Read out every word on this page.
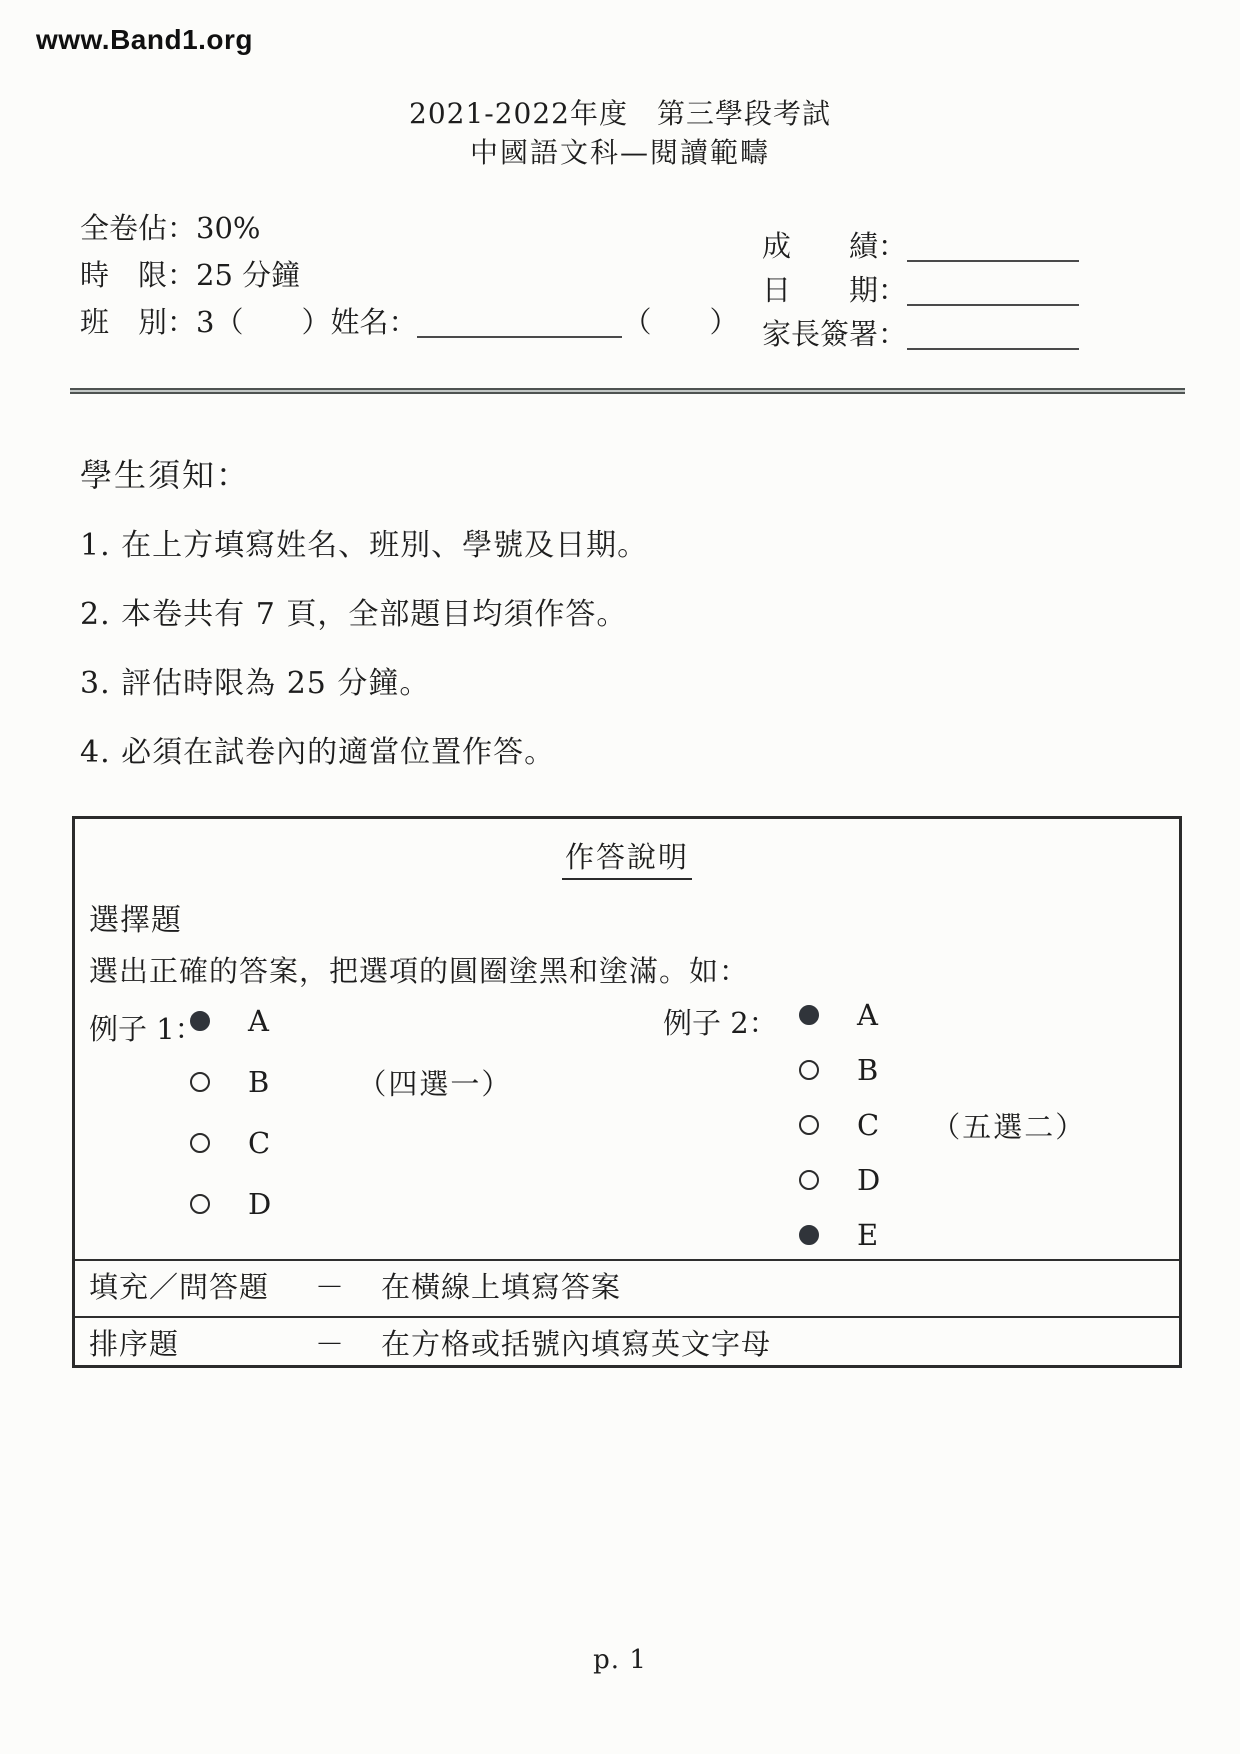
www.Band1.org
2021-2022年度　第三學段考試
中國語文科—閱讀範疇
全卷佔：30%
時　限：25 分鐘
班　別：3（　　）姓名：	（　　）
成　　績：
日　　期：
家長簽署：
學生須知：
1. 在上方填寫姓名、班別、學號及日期。
2. 本卷共有 7 頁，全部題目均須作答。
3. 評估時限為 25 分鐘。
4. 必須在試卷內的適當位置作答。
作答說明
選擇題
選出正確的答案，把選項的圓圈塗黑和塗滿。如：
例子 1： A
B	（四選一）
C
D
例子 2：	A
B
C （五選二）
D
E
填充／問答題 － 在橫線上填寫答案
排序題	－ 在方格或括號內填寫英文字母
p. 1
